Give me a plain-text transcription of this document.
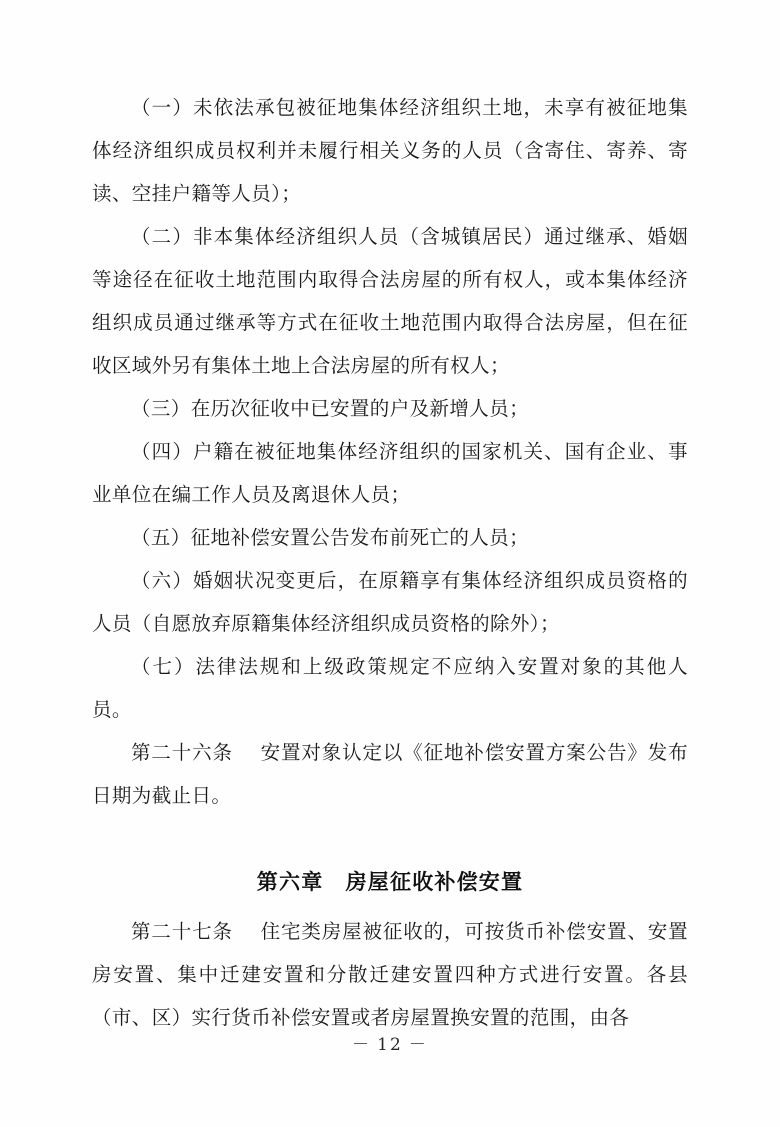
（一）未依法承包被征地集体经济组织土地，未享有被征地集体经济组织成员权利并未履行相关义务的人员（含寄住、寄养、寄读、空挂户籍等人员）；

（二）非本集体经济组织人员（含城镇居民）通过继承、婚姻等途径在征收土地范围内取得合法房屋的所有权人，或本集体经济组织成员通过继承等方式在征收土地范围内取得合法房屋，但在征收区域外另有集体土地上合法房屋的所有权人；

（三）在历次征收中已安置的户及新增人员；

（四）户籍在被征地集体经济组织的国家机关、国有企业、事业单位在编工作人员及离退休人员；

（五）征地补偿安置公告发布前死亡的人员；

（六）婚姻状况变更后，在原籍享有集体经济组织成员资格的人员（自愿放弃原籍集体经济组织成员资格的除外）；

（七）法律法规和上级政策规定不应纳入安置对象的其他人员。

第二十六条 安置对象认定以《征地补偿安置方案公告》发布日期为截止日。

第六章　房屋征收补偿安置

第二十七条 住宅类房屋被征收的，可按货币补偿安置、安置房安置、集中迁建安置和分散迁建安置四种方式进行安置。各县（市、区）实行货币补偿安置或者房屋置换安置的范围，由各

－ 12 －
